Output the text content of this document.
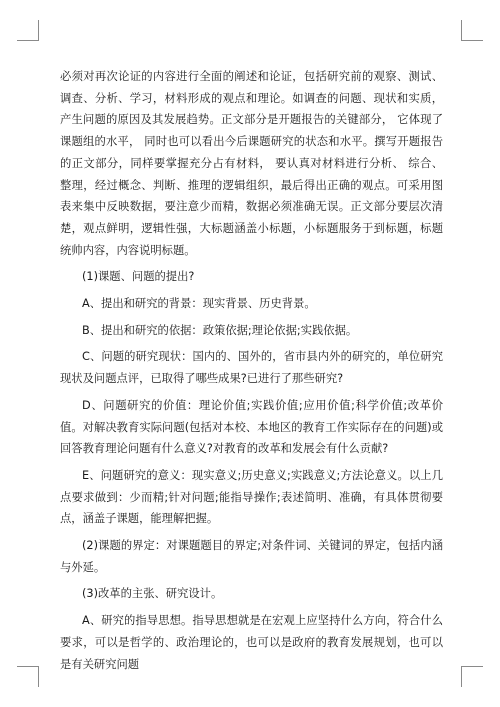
必须对再次论证的内容进行全面的阐述和论证，包括研究前的观察、测试、调查、分析、学习，材料形成的观点和理论。如调查的问题、现状和实质，产生问题的原因及其发展趋势。正文部分是开题报告的关键部分， 它体现了课题组的水平， 同时也可以看出今后课题研究的状态和水平。撰写开题报告的正文部分，同样要掌握充分占有材料， 要认真对材料进行分析、 综合、 整理，经过概念、判断、推理的逻辑组织，最后得出正确的观点。可采用图表来集中反映数据，要注意少而精，数据必须准确无误。正文部分要层次清楚，观点鲜明，逻辑性强，大标题涵盖小标题，小标题服务于到标题，标题统帅内容，内容说明标题。

(1)课题、问题的提出?

A、提出和研究的背景：现实背景、历史背景。

B、提出和研究的依据：政策依据;理论依据;实践依据。

C、问题的研究现状：国内的、国外的，省市县内外的研究的，单位研究现状及问题点评，已取得了哪些成果?已进行了那些研究?

D、问题研究的价值：理论价值;实践价值;应用价值;科学价值;改革价值。对解决教育实际问题(包括对本校、本地区的教育工作实际存在的问题)或回答教育理论问题有什么意义?对教育的改革和发展会有什么贡献?

E、问题研究的意义：现实意义;历史意义;实践意义;方法论意义。以上几点要求做到：少而精;针对问题;能指导操作;表述简明、准确，有具体贯彻要点，涵盖子课题，能理解把握。

(2)课题的界定：对课题题目的界定;对条件词、关键词的界定，包括内涵与外延。

(3)改革的主张、研究设计。

A、研究的指导思想。指导思想就是在宏观上应坚持什么方向，符合什么要求，可以是哲学的、政治理论的，也可以是政府的教育发展规划，也可以是有关研究问题
